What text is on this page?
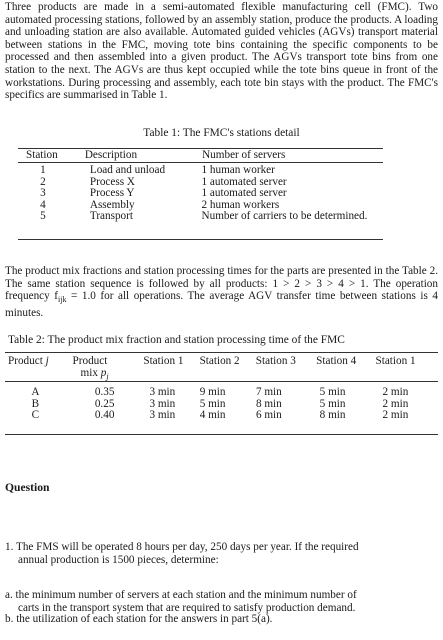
Three products are made in a semi-automated flexible manufacturing cell (FMC). Two automated processing stations, followed by an assembly station, produce the products. A loading and unloading station are also available. Automated guided vehicles (AGVs) transport material between stations in the FMC, moving tote bins containing the specific components to be processed and then assembled into a given product. The AGVs transport tote bins from one station to the next. The AGVs are thus kept occupied while the tote bins queue in front of the workstations. During processing and assembly, each tote bin stays with the product. The FMC's specifics are summarised in Table 1.

Table 1: The FMC's stations detail
Station	Description	Number of servers
1	Load and unload	1 human worker
2	Process X	1 automated server
3	Process Y	1 automated server
4	Assembly	2 human workers
5	Transport	Number of carriers to be determined.

The product mix fractions and station processing times for the parts are presented in the Table 2. The same station sequence is followed by all products: 1 > 2 > 3 > 4 > 1. The operation frequency $f_{ijk} = 1.0$ for all operations. The average AGV transfer time between stations is 4 minutes.

Table 2: The product mix fraction and station processing time of the FMC
Product j	Product	Station 1	Station 2	Station 3	Station 4	Station 1
	mix $p_j$	
A	0.35	3 min	9 min	7 min	5 min	2 min
B	0.25	3 min	5 min	8 min	5 min	2 min
C	0.40	3 min	4 min	6 min	8 min	2 min
Question
1. The FMS will be operated 8 hours per day, 250 days per year. If the required
annual production is 1500 pieces, determine:
a. the minimum number of servers at each station and the minimum number of
carts in the transport system that are required to satisfy production demand.
b. the utilization of each station for the answers in part 5(a).
